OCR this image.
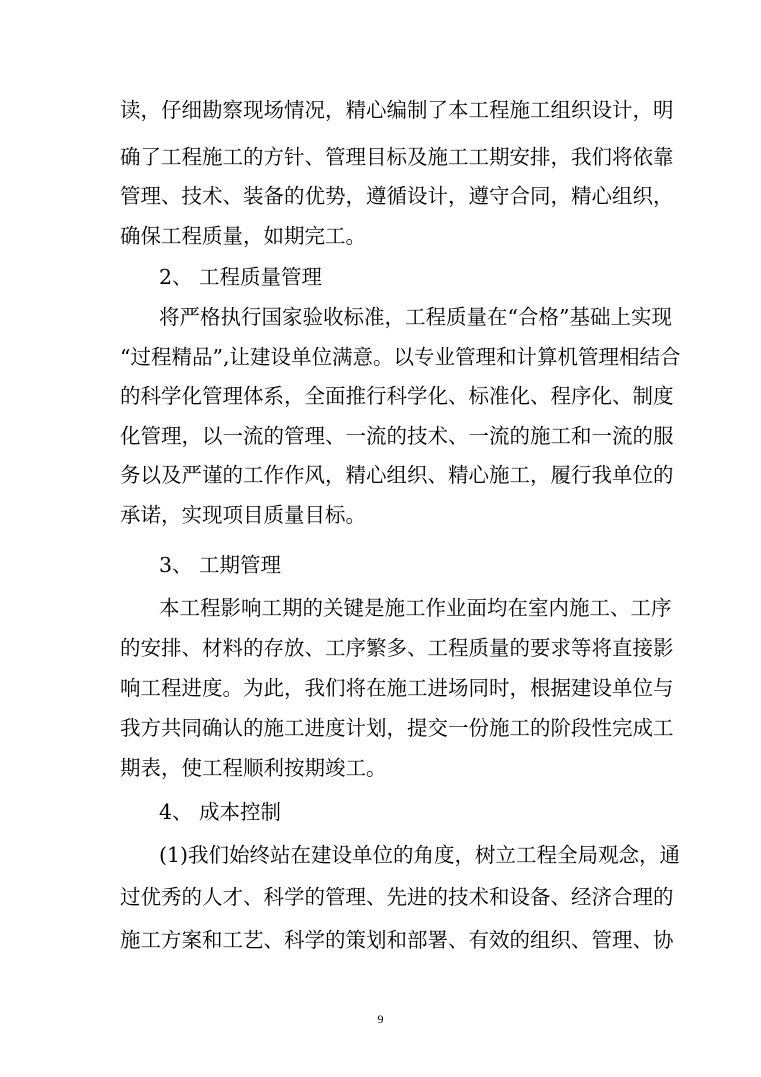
读，仔细勘察现场情况，精心编制了本工程施工组织设计，明
确了工程施工的方针、管理目标及施工工期安排，我们将依靠
管理、技术、装备的优势，遵循设计，遵守合同，精心组织，
确保工程质量，如期完工。
2、 工程质量管理
将严格执行国家验收标准，工程质量在“合格”基础上实现
“过程精品”,让建设单位满意。以专业管理和计算机管理相结合
的科学化管理体系，全面推行科学化、标准化、程序化、制度
化管理，以一流的管理、一流的技术、一流的施工和一流的服
务以及严谨的工作作风，精心组织、精心施工，履行我单位的
承诺，实现项目质量目标。
3、 工期管理
本工程影响工期的关键是施工作业面均在室内施工、工序
的安排、材料的存放、工序繁多、工程质量的要求等将直接影
响工程进度。为此，我们将在施工进场同时，根据建设单位与
我方共同确认的施工进度计划，提交一份施工的阶段性完成工
期表，使工程顺利按期竣工。
4、 成本控制
(1)我们始终站在建设单位的角度，树立工程全局观念，通
过优秀的人才、科学的管理、先进的技术和设备、经济合理的
施工方案和工艺、科学的策划和部署、有效的组织、管理、协
9
